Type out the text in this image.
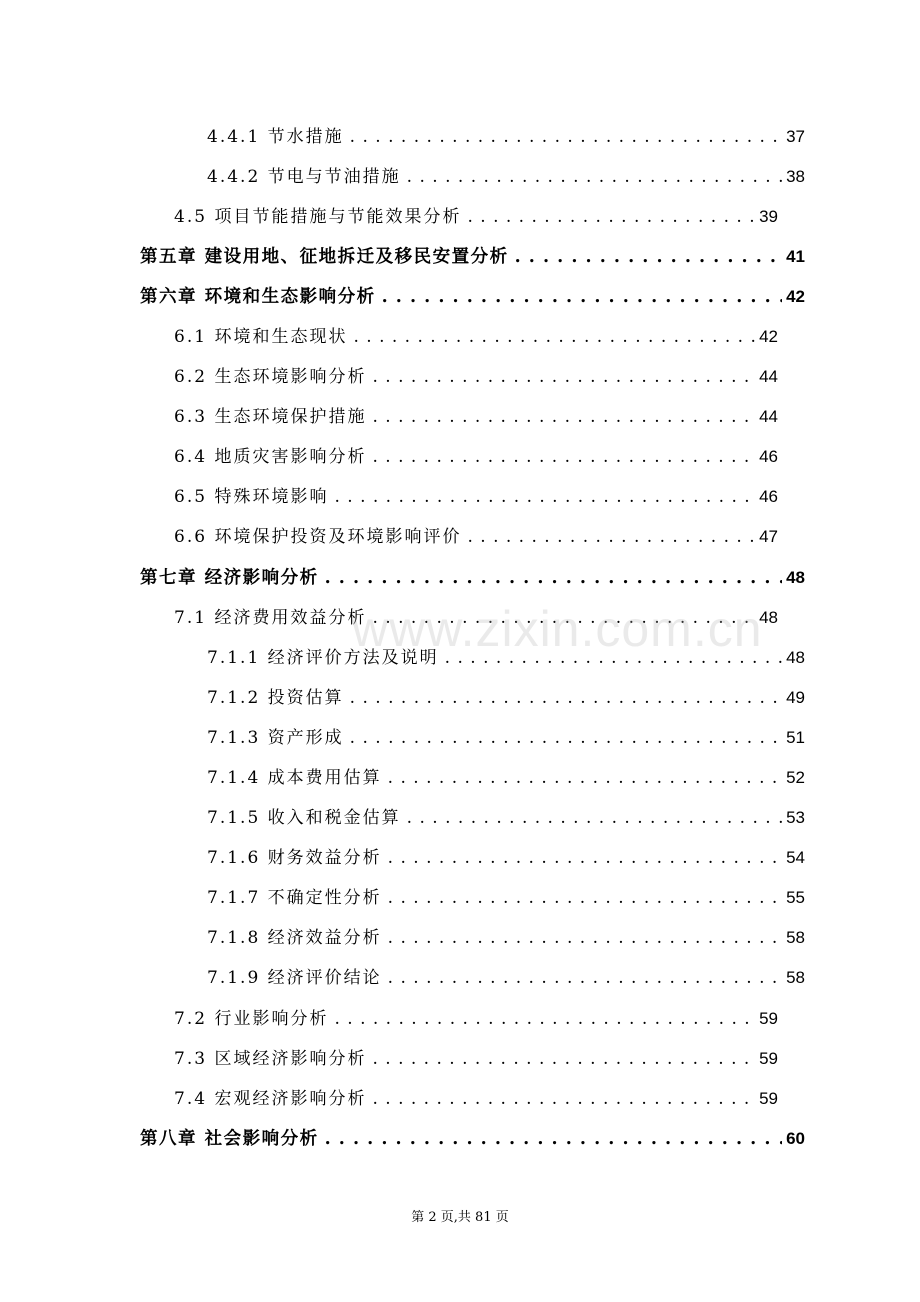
4.4.1 节水措施 . . .	37
4.4.2 节电与节油措施 . . .	38
4.5 项目节能措施与节能效果分析 . . .	39
第五章 建设用地、征地拆迁及移民安置分析 . . .	41
第六章 环境和生态影响分析 . . .	42
6.1 环境和生态现状 . . .	42
6.2 生态环境影响分析 . . .	44
6.3 生态环境保护措施 . . .	44
6.4 地质灾害影响分析 . . .	46
6.5 特殊环境影响 . . .	46
6.6 环境保护投资及环境影响评价 . . .	47
第七章 经济影响分析 . . .	48
7.1 经济费用效益分析 . . .	48
7.1.1 经济评价方法及说明 . . .	48
7.1.2 投资估算 . . .	49
7.1.3 资产形成 . . .	51
7.1.4 成本费用估算 . . .	52
7.1.5 收入和税金估算 . . .	53
7.1.6 财务效益分析 . . .	54
7.1.7 不确定性分析 . . .	55
7.1.8 经济效益分析 . . .	58
7.1.9 经济评价结论 . . .	58
7.2 行业影响分析 . . .	59
7.3 区域经济影响分析 . . .	59
7.4 宏观经济影响分析 . . .	59
第八章 社会影响分析 . . .	60
www.zixin.com.cn
第 2 页,共 81 页
